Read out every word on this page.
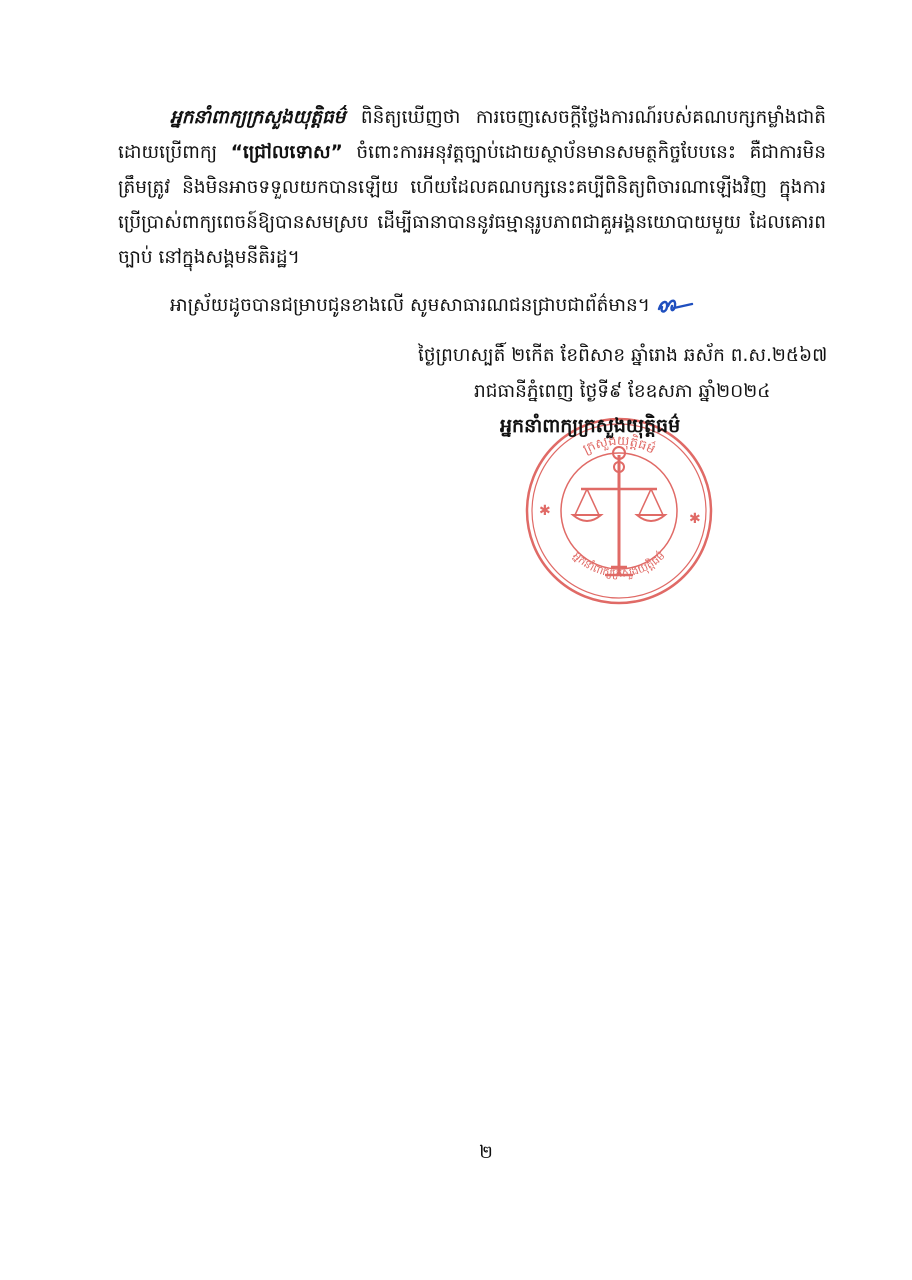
អ្នកនាំពាក្យក្រសួងយុត្តិធម៌ ពិនិត្យឃើញថា ការចេញសេចក្ដីថ្លែងការណ៍របស់គណបក្សកម្លាំងជាតិ ដោយប្រើពាក្យ “ជ្រៅលទោស” ចំពោះការអនុវត្តច្បាប់ដោយស្ថាប័នមានសមត្ថកិច្ចបែបនេះ គឺជាការមិនត្រឹមត្រូវ និងមិនអាចទទួលយកបានឡើយ ហើយដែលគណបក្សនេះគប្បីពិនិត្យពិចារណាឡើងវិញ ក្នុងការប្រើប្រាស់ពាក្យពេចន៍ឱ្យបានសមស្រប ដើម្បីធានាបាននូវធម្មានុរូបភាពជាគួអង្គនយោបាយមួយ ដែលគោរពច្បាប់ នៅក្នុងសង្គមនីតិរដ្ឋ។

អាស្រ័យដូចបានជម្រាបជូនខាងលើ សូមសាធារណជនជ្រាបជាព័ត៌មាន។

ថ្ងៃព្រហស្បតិ៍ ២កើត ខែពិសាខ ឆ្នាំរោង ឆស័ក ព.ស.២៥៦៧
រាជធានីភ្នំពេញ ថ្ងៃទី៩ ខែឧសភា ឆ្នាំ២០២៤
ក្រសួងយុត្តិធម៌
អ្នកនាំពាក្យក្រសួងយុត្តិធម៌
✱	✱
អ្នកនាំពាក្យក្រសួងយុត្តិធម៌
២
